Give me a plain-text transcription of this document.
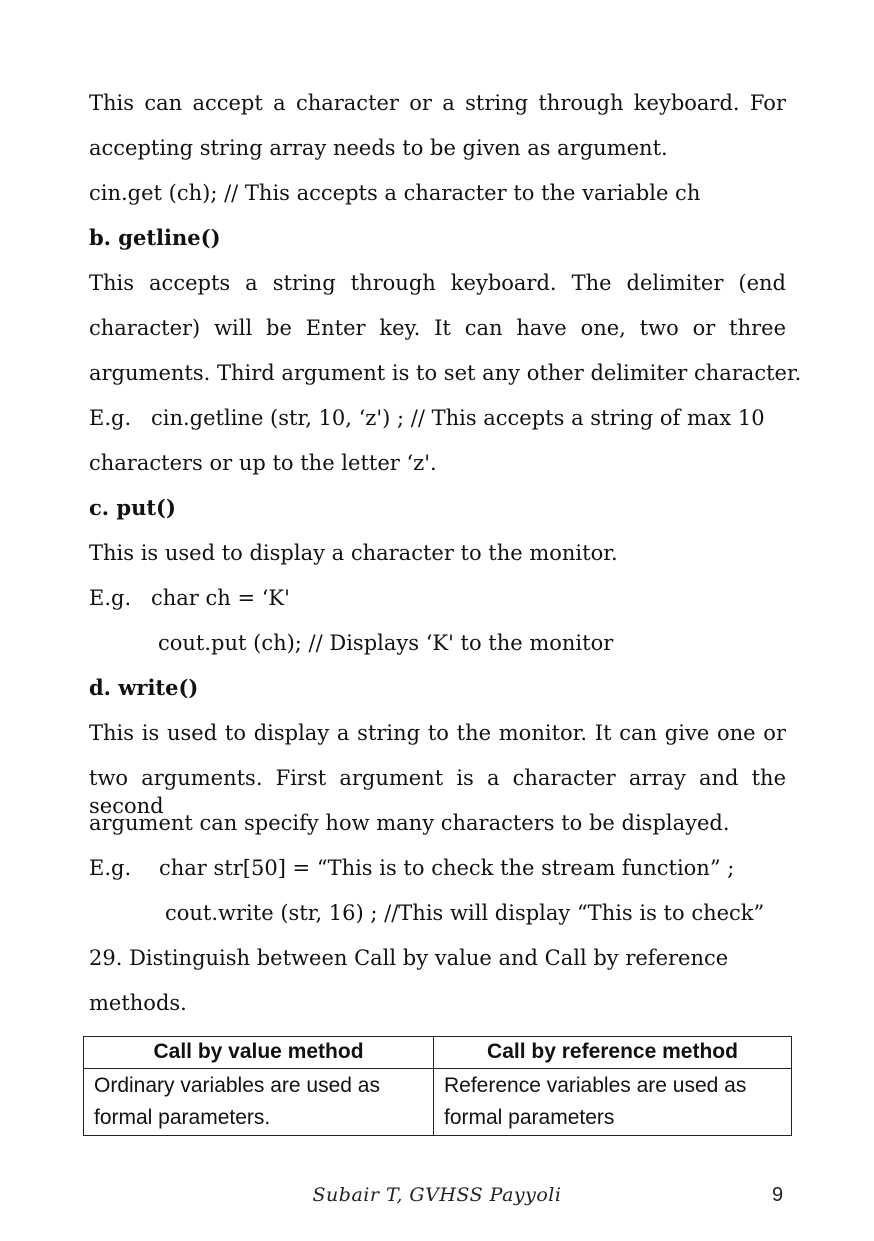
This can accept a character or a string through keyboard. For
accepting string array needs to be given as argument.
cin.get (ch); // This accepts a character to the variable ch
b. getline()
This accepts a string through keyboard. The delimiter (end
character) will be Enter key. It can have one, two or three
arguments. Third argument is to set any other delimiter character.
E.g. cin.getline (str, 10, ‘z') ; // This accepts a string of max 10
characters or up to the letter ‘z'.
c. put()
This is used to display a character to the monitor.
E.g. char ch = ‘K'
cout.put (ch); // Displays ‘K' to the monitor
d. write()
This is used to display a string to the monitor. It can give one or
two arguments. First argument is a character array and the second
argument can specify how many characters to be displayed.
E.g. char str[50] = “This is to check the stream function” ;
cout.write (str, 16) ; //This will display “This is to check”
29. Distinguish between Call by value and Call by reference
methods.
Call by value method	Call by reference method
Ordinary variables are used as formal parameters.	Reference variables are used as formal parameters
Subair T, GVHSS Payyoli	9
